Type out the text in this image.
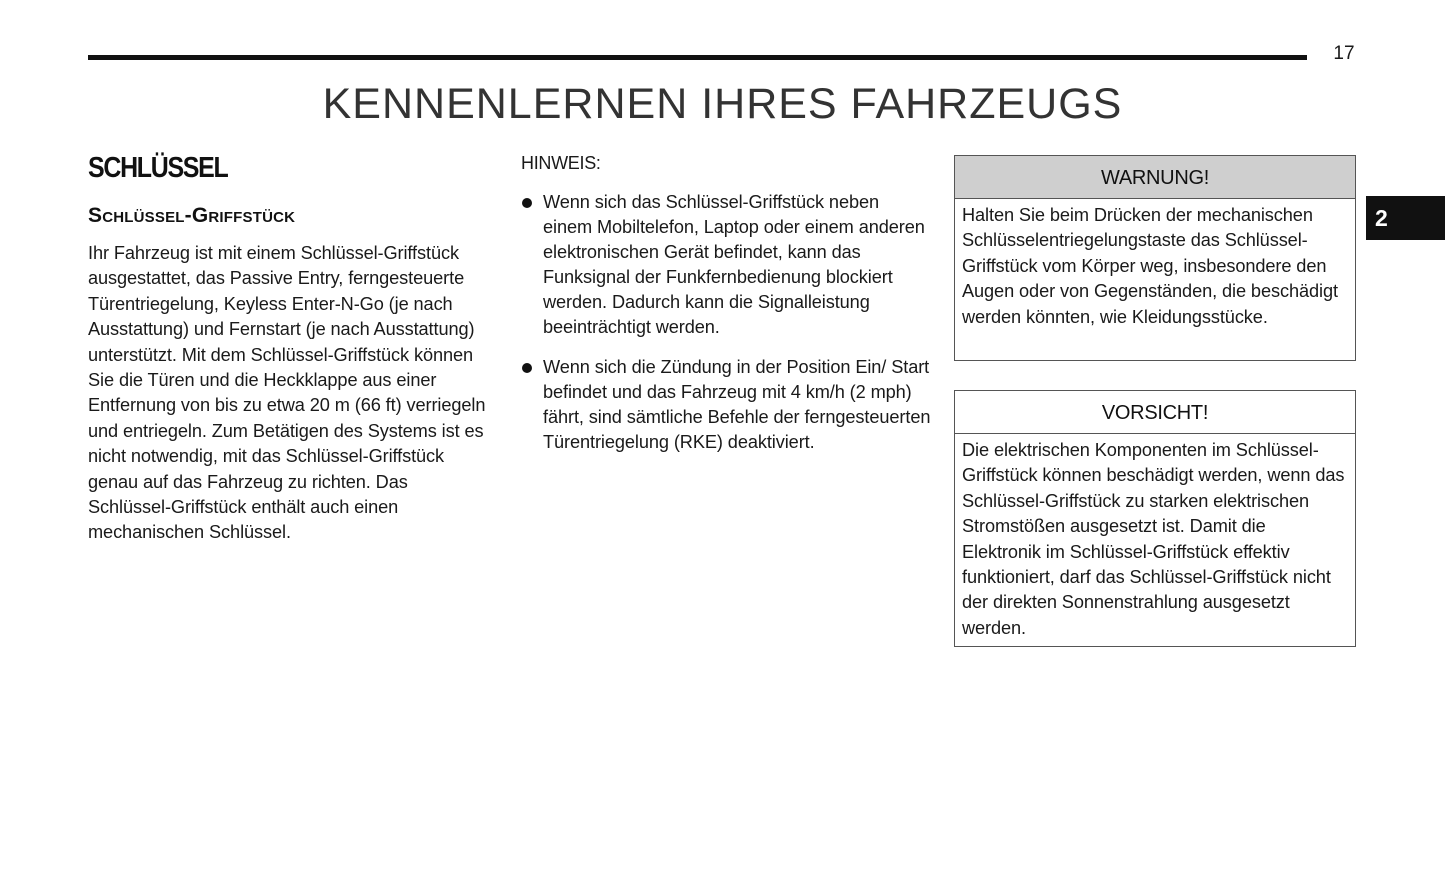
17
KENNENLERNEN IHRES FAHRZEUGS
2
SCHLÜSSEL
Schlüssel-Griffstück

Ihr Fahrzeug ist mit einem Schlüssel-Griffstück ausgestattet, das Passive Entry, ferngesteuerte Türentriegelung, Keyless Enter-N-Go (je nach Ausstattung) und Fernstart (je nach Ausstattung) unterstützt. Mit dem Schlüssel-Griffstück können Sie die Türen und die Heckklappe aus einer Entfernung von bis zu etwa 20 m (66 ft) verriegeln und entriegeln. Zum Betätigen des Systems ist es nicht notwendig, mit das Schlüssel-Griffstück genau auf das Fahrzeug zu richten. Das Schlüssel-Griffstück enthält auch einen mechanischen Schlüssel.

HINWEIS:
Wenn sich das Schlüssel-Griffstück neben einem Mobiltelefon, Laptop oder einem anderen elektronischen Gerät befindet, kann das Funksignal der Funkfernbedienung blockiert werden. Dadurch kann die Signalleistung beeinträchtigt werden.
Wenn sich die Zündung in der Position Ein/ Start befindet und das Fahrzeug mit 4 km/h (2 mph) fährt, sind sämtliche Befehle der ferngesteuerten Türentriegelung (RKE) deaktiviert.
WARNUNG!
Halten Sie beim Drücken der mechanischen Schlüsselentriegelungstaste das Schlüssel-Griffstück vom Körper weg, insbesondere den Augen oder von Gegenständen, die beschädigt werden könnten, wie Kleidungsstücke.
VORSICHT!
Die elektrischen Komponenten im Schlüssel-Griffstück können beschädigt werden, wenn das Schlüssel-Griffstück zu starken elektrischen Stromstößen ausgesetzt ist. Damit die Elektronik im Schlüssel-Griffstück effektiv funktioniert, darf das Schlüssel-Griffstück nicht der direkten Sonnenstrahlung ausgesetzt werden.
